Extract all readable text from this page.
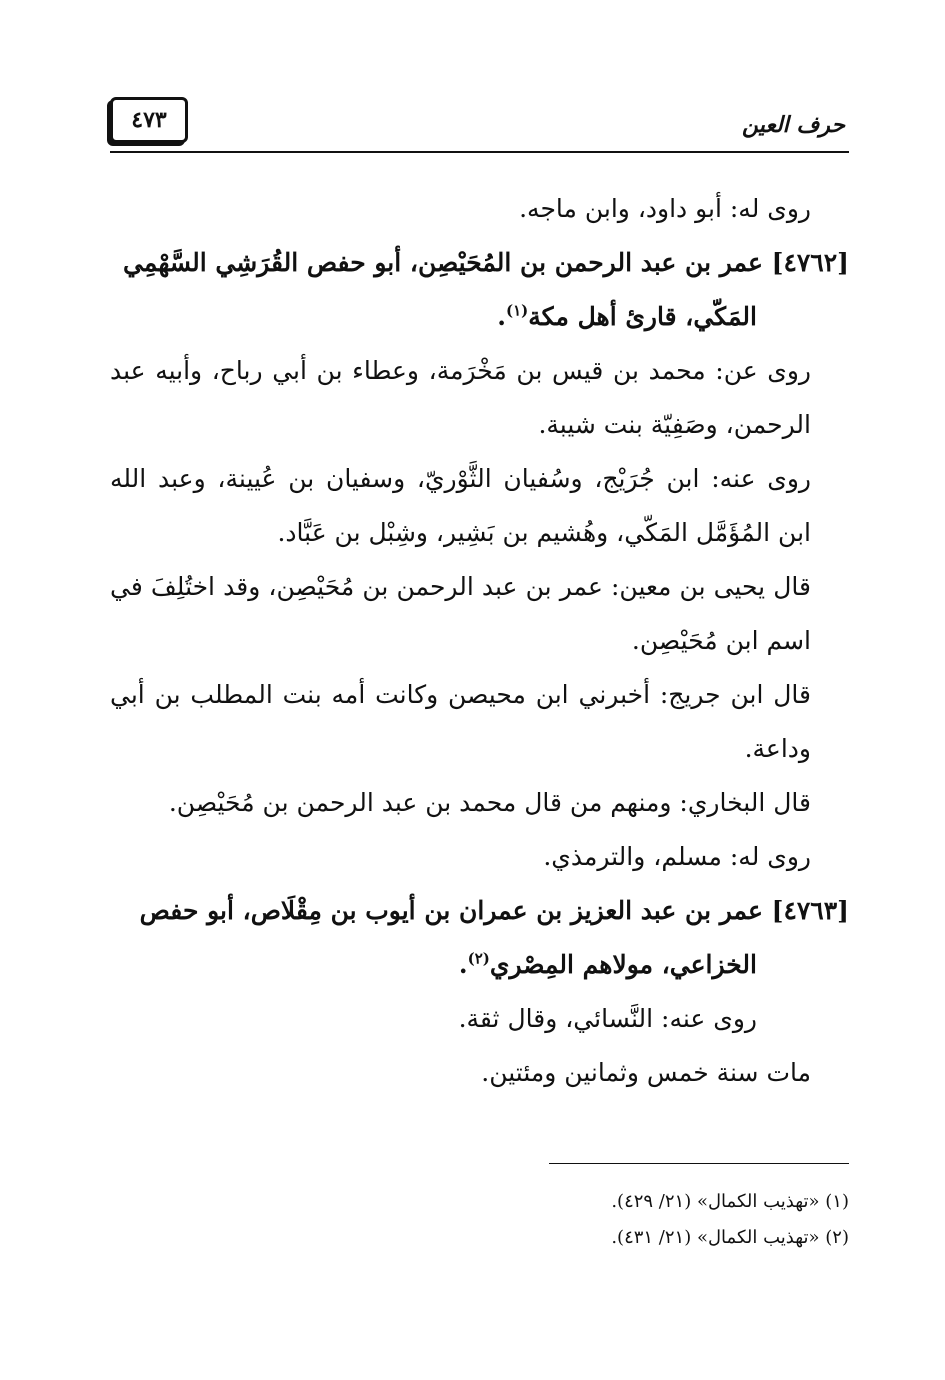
حرف العين
٤٧٣

روى له: أبو داود، وابن ماجه.

[٤٧٦٢] عمر بن عبد الرحمن بن المُحَيْصِن، أبو حفص القُرَشِي السَّهْمِي
المَكّي، قارئ أهل مكة$^{(١)}$.

روى عن: محمد بن قيس بن مَخْرَمة، وعطاء بن أبي رباح، وأبيه عبد الرحمن، وصَفِيّة بنت شيبة.

روى عنه: ابن جُرَيْج، وسُفيان الثَّوْريّ، وسفيان بن عُيينة، وعبد الله ابن المُؤَمَّل المَكّي، وهُشيم بن بَشِير، وشِبْل بن عَبَّاد.

قال يحيى بن معين: عمر بن عبد الرحمن بن مُحَيْصِن، وقد اختُلِفَ في اسم ابن مُحَيْصِن.

قال ابن جريج: أخبرني ابن محيصن وكانت أمه بنت المطلب بن أبي وداعة.

قال البخاري: ومنهم من قال محمد بن عبد الرحمن بن مُحَيْصِن.

روى له: مسلم، والترمذي.

[٤٧٦٣] عمر بن عبد العزيز بن عمران بن أيوب بن مِقْلَاص، أبو حفص
الخزاعي، مولاهم المِصْري$^{(٢)}$.

روى عنه: النَّسائي، وقال ثقة.

مات سنة خمس وثمانين ومئتين.

(١) «تهذيب الكمال» (٢١/ ٤٢٩).

(٢) «تهذيب الكمال» (٢١/ ٤٣١).
